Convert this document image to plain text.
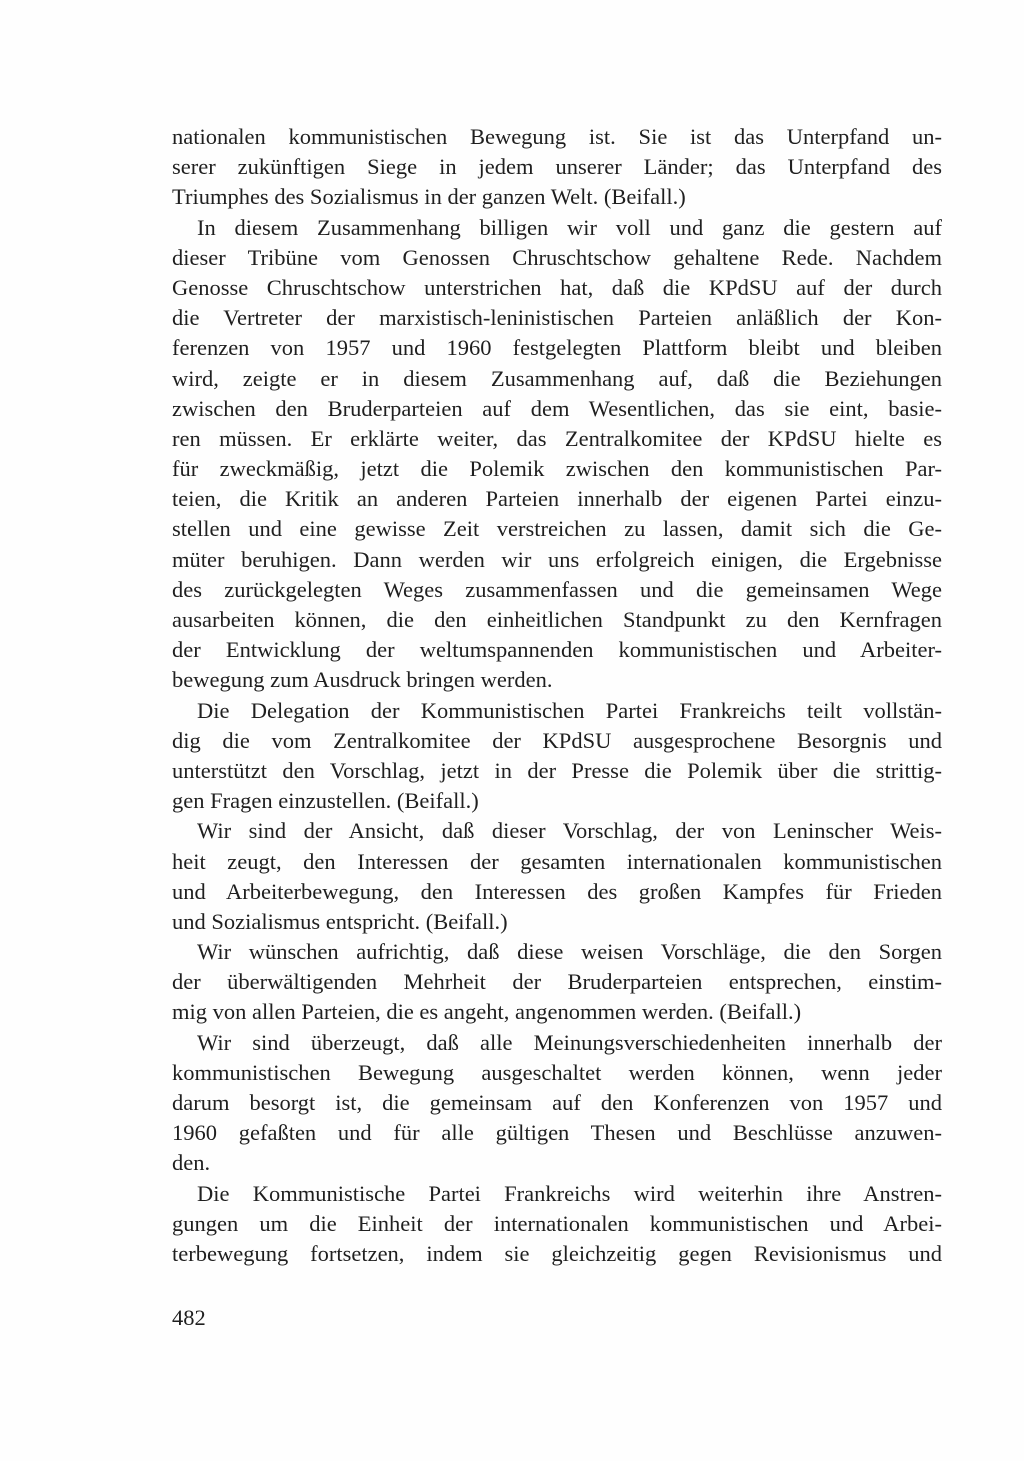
nationalen kommunistischen Bewegung ist. Sie ist das Unterpfand un-
serer zukünftigen Siege in jedem unserer Länder; das Unterpfand des
Triumphes des Sozialismus in der ganzen Welt. (Beifall.)
In diesem Zusammenhang billigen wir voll und ganz die gestern auf
dieser Tribüne vom Genossen Chruschtschow gehaltene Rede. Nachdem
Genosse Chruschtschow unterstrichen hat, daß die KPdSU auf der durch
die Vertreter der marxistisch-leninistischen Parteien anläßlich der Kon-
ferenzen von 1957 und 1960 festgelegten Plattform bleibt und bleiben
wird, zeigte er in diesem Zusammenhang auf, daß die Beziehungen
zwischen den Bruderparteien auf dem Wesentlichen, das sie eint, basie-
ren müssen. Er erklärte weiter, das Zentralkomitee der KPdSU hielte es
für zweckmäßig, jetzt die Polemik zwischen den kommunistischen Par-
teien, die Kritik an anderen Parteien innerhalb der eigenen Partei einzu-
stellen und eine gewisse Zeit verstreichen zu lassen, damit sich die Ge-
müter beruhigen. Dann werden wir uns erfolgreich einigen, die Ergebnisse
des zurückgelegten Weges zusammenfassen und die gemeinsamen Wege
ausarbeiten können, die den einheitlichen Standpunkt zu den Kernfragen
der Entwicklung der weltumspannenden kommunistischen und Arbeiter-
bewegung zum Ausdruck bringen werden.
Die Delegation der Kommunistischen Partei Frankreichs teilt vollstän-
dig die vom Zentralkomitee der KPdSU ausgesprochene Besorgnis und
unterstützt den Vorschlag, jetzt in der Presse die Polemik über die strittig-
gen Fragen einzustellen. (Beifall.)
Wir sind der Ansicht, daß dieser Vorschlag, der von Leninscher Weis-
heit zeugt, den Interessen der gesamten internationalen kommunistischen
und Arbeiterbewegung, den Interessen des großen Kampfes für Frieden
und Sozialismus entspricht. (Beifall.)
Wir wünschen aufrichtig, daß diese weisen Vorschläge, die den Sorgen
der überwältigenden Mehrheit der Bruderparteien entsprechen, einstim-
mig von allen Parteien, die es angeht, angenommen werden. (Beifall.)
Wir sind überzeugt, daß alle Meinungsverschiedenheiten innerhalb der
kommunistischen Bewegung ausgeschaltet werden können, wenn jeder
darum besorgt ist, die gemeinsam auf den Konferenzen von 1957 und
1960 gefaßten und für alle gültigen Thesen und Beschlüsse anzuwen-
den.
Die Kommunistische Partei Frankreichs wird weiterhin ihre Anstren-
gungen um die Einheit der internationalen kommunistischen und Arbei-
terbewegung fortsetzen, indem sie gleichzeitig gegen Revisionismus und
482
